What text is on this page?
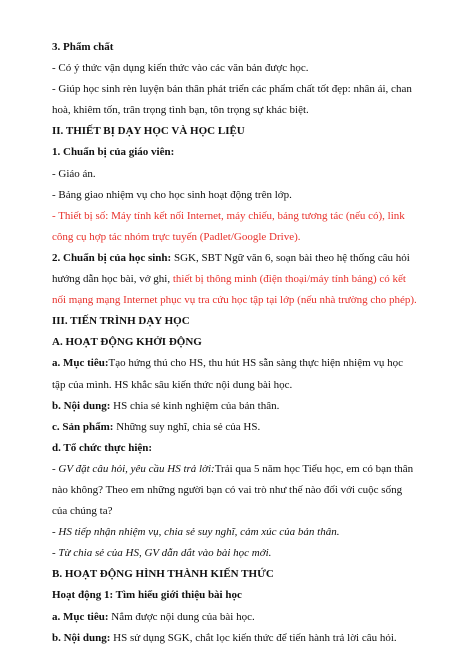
3. Phẩm chất
- Có ý thức vận dụng kiến thức vào các văn bản được học.
- Giúp học sinh rèn luyện bản thân phát triển các phẩm chất tốt đẹp: nhân ái, chan
hoà, khiêm tốn, trân trọng tình bạn, tôn trọng sự khác biệt.
II. THIẾT BỊ DẠY HỌC VÀ HỌC LIỆU
1. Chuẩn bị của giáo viên:
- Giáo án.
- Bảng giao nhiệm vụ cho học sinh hoạt động trên lớp.
- Thiết bị số: Máy tính kết nối Internet, máy chiếu, bảng tương tác (nếu có), link
công cụ hợp tác nhóm trực tuyến (Padlet/Google Drive).
2. Chuẩn bị của học sinh: SGK, SBT Ngữ văn 6, soạn bài theo hệ thống câu hỏi
hướng dẫn học bài, vở ghi, thiết bị thông minh (điện thoại/máy tính bảng) có kết
nối mạng mạng Internet phục vụ tra cứu học tập tại lớp (nếu nhà trường cho phép).
III. TIẾN TRÌNH DẠY HỌC
A. HOẠT ĐỘNG KHỞI ĐỘNG
a. Mục tiêu:Tạo hứng thú cho HS, thu hút HS sẵn sàng thực hiện nhiệm vụ học
tập của mình. HS khắc sâu kiến thức nội dung bài học.
b. Nội dung: HS chia sẻ kinh nghiệm của bản thân.
c. Sản phẩm: Những suy nghĩ, chia sẻ của HS.
d. Tổ chức thực hiện:
- GV đặt câu hỏi, yêu cầu HS trả lời:Trải qua 5 năm học Tiểu học, em có bạn thân
nào không? Theo em những người bạn có vai trò như thế nào đối với cuộc sống
của chúng ta?
- HS tiếp nhận nhiệm vụ, chia sẻ suy nghĩ, cảm xúc của bản thân.
- Từ chia sẻ của HS, GV dẫn dắt vào bài học mới.
B. HOẠT ĐỘNG HÌNH THÀNH KIẾN THỨC
Hoạt động 1: Tìm hiểu giới thiệu bài học
a. Mục tiêu: Nắm được nội dung của bài học.
b. Nội dung: HS sử dụng SGK, chắt lọc kiến thức để tiến hành trả lời câu hỏi.
